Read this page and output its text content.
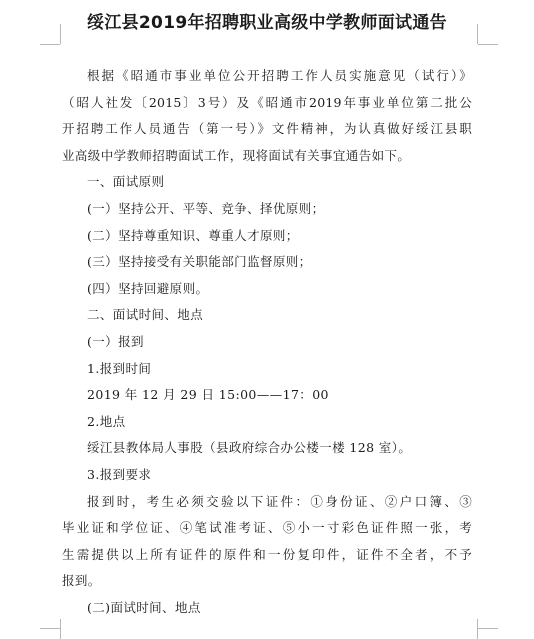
绥江县2019年招聘职业高级中学教师面试通告
根据《昭通市事业单位公开招聘工作人员实施意见（试行）》
（昭人社发〔2015〕3号）及《昭通市2019年事业单位第二批公
开招聘工作人员通告（第一号）》文件精神，为认真做好绥江县职
业高级中学教师招聘面试工作，现将面试有关事宜通告如下。
一、面试原则
(一）坚持公开、平等、竞争、择优原则；
(二）坚持尊重知识、尊重人才原则；
(三）坚持接受有关职能部门监督原则；
(四）坚持回避原则。
二、面试时间、地点
(一）报到
1.报到时间
2019 年 12 月 29 日 15:00——17：00
2.地点
绥江县教体局人事股（县政府综合办公楼一楼 128 室）。
3.报到要求
报到时，考生必须交验以下证件：①身份证、②户口簿、③
毕业证和学位证、④笔试准考证、⑤小一寸彩色证件照一张，考
生需提供以上所有证件的原件和一份复印件，证件不全者，不予
报到。
(二)面试时间、地点
